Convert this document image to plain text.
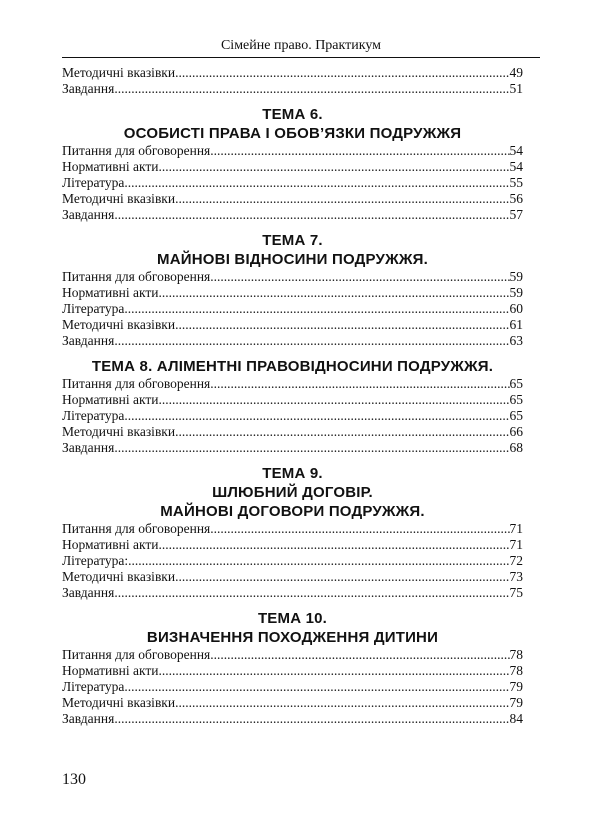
Сімейне право. Практикум
Методичні вказівки .....	49
Завдання .....	51
ТЕМА 6.
ОСОБИСТІ ПРАВА І ОБОВ’ЯЗКИ ПОДРУЖЖЯ
Питання для обговорення .....	54
Нормативні акти .....	54
Література .....	55
Методичні вказівки .....	56
Завдання .....	57
ТЕМА 7.
МАЙНОВІ ВІДНОСИНИ ПОДРУЖЖЯ.
Питання для обговорення .....	59
Нормативні акти .....	59
Література .....	60
Методичні вказівки .....	61
Завдання .....	63
ТЕМА 8. АЛІМЕНТНІ ПРАВОВІДНОСИНИ ПОДРУЖЖЯ.
Питання для обговорення .....	65
Нормативні акти .....	65
Література .....	65
Методичні вказівки .....	66
Завдання .....	68
ТЕМА 9.
ШЛЮБНИЙ ДОГОВІР.
МАЙНОВІ ДОГОВОРИ ПОДРУЖЖЯ.
Питання для обговорення .....	71
Нормативні акти .....	71
Література: .....	72
Методичні вказівки .....	73
Завдання .....	75
ТЕМА 10.
ВИЗНАЧЕННЯ ПОХОДЖЕННЯ ДИТИНИ
Питання для обговорення .....	78
Нормативні акти .....	78
Література .....	79
Методичні вказівки .....	79
Завдання .....	84
130
